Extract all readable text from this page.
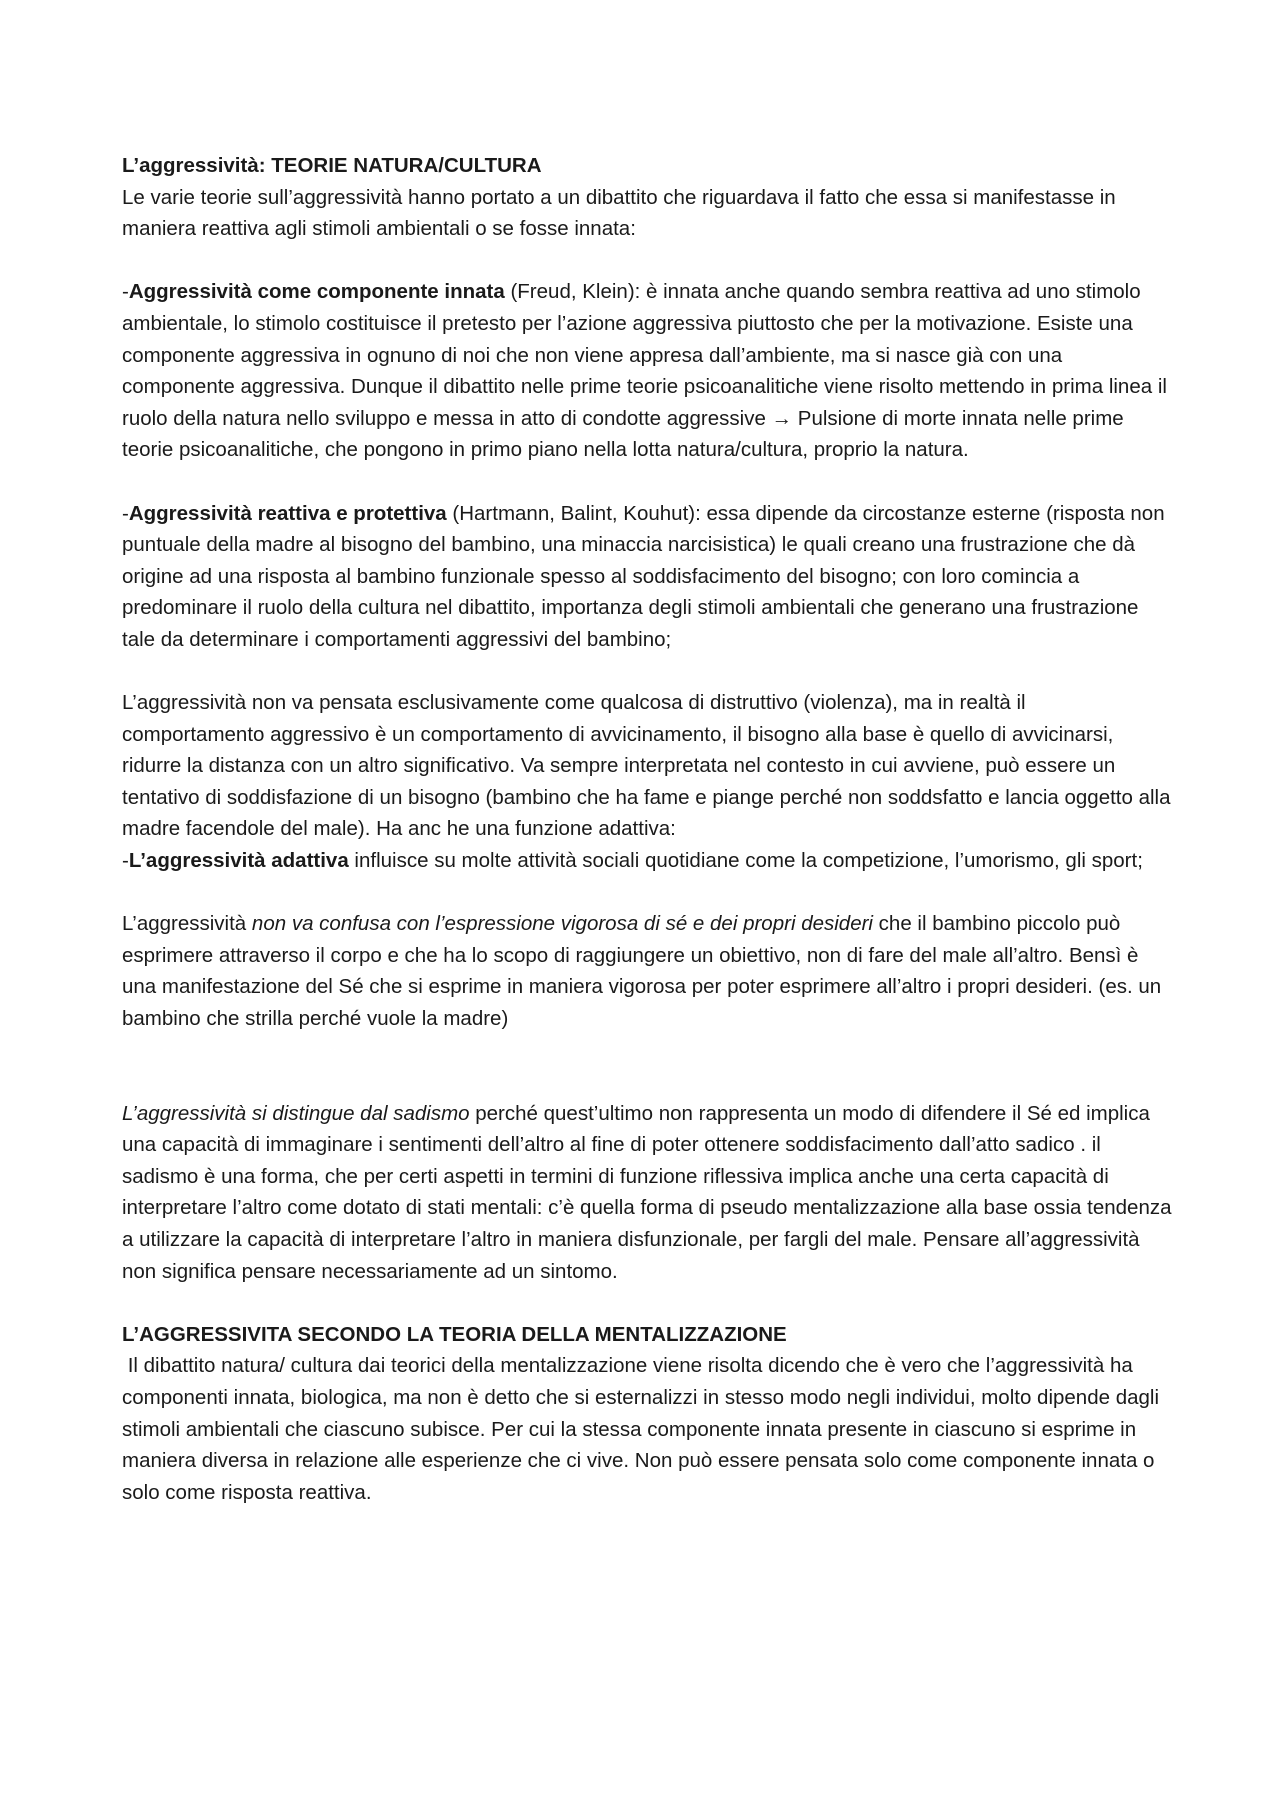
L’aggressività: TEORIE NATURA/CULTURA

Le varie teorie sull’aggressività hanno portato a un dibattito che riguardava il fatto che essa si manifestasse in maniera reattiva agli stimoli ambientali o se fosse innata:

-Aggressività come componente innata (Freud, Klein): è innata anche quando sembra reattiva ad uno stimolo ambientale, lo stimolo costituisce il pretesto per l’azione aggressiva piuttosto che per la motivazione. Esiste una componente aggressiva in ognuno di noi che non viene appresa dall’ambiente, ma si nasce già con una componente aggressiva. Dunque il dibattito nelle prime teorie psicoanalitiche viene risolto mettendo in prima linea il ruolo della natura nello sviluppo e messa in atto di condotte aggressive → Pulsione di morte innata nelle prime teorie psicoanalitiche, che pongono in primo piano nella lotta natura/cultura, proprio la natura.

-Aggressività reattiva e protettiva (Hartmann, Balint, Kouhut): essa dipende da circostanze esterne (risposta non puntuale della madre al bisogno del bambino, una minaccia narcisistica) le quali creano una frustrazione che dà origine ad una risposta al bambino funzionale spesso al soddisfacimento del bisogno; con loro comincia a predominare il ruolo della cultura nel dibattito, importanza degli stimoli ambientali che generano una frustrazione tale da determinare i comportamenti aggressivi del bambino;

L’aggressività non va pensata esclusivamente come qualcosa di distruttivo (violenza), ma in realtà il comportamento aggressivo è un comportamento di avvicinamento, il bisogno alla base è quello di avvicinarsi, ridurre la distanza con un altro significativo. Va sempre interpretata nel contesto in cui avviene, può essere un tentativo di soddisfazione di un bisogno (bambino che ha fame e piange perché non soddsfatto e lancia oggetto alla madre facendole del male). Ha anc he una funzione adattiva:

-L’aggressività adattiva influisce su molte attività sociali quotidiane come la competizione, l’umorismo, gli sport;

L’aggressività non va confusa con l’espressione vigorosa di sé e dei propri desideri che il bambino piccolo può esprimere attraverso il corpo e che ha lo scopo di raggiungere un obiettivo, non di fare del male all’altro. Bensì è una manifestazione del Sé che si esprime in maniera vigorosa per poter esprimere all’altro i propri desideri. (es. un bambino che strilla perché vuole la madre)

L’aggressività si distingue dal sadismo perché quest’ultimo non rappresenta un modo di difendere il Sé ed implica una capacità di immaginare i sentimenti dell’altro al fine di poter ottenere soddisfacimento dall’atto sadico . il sadismo è una forma, che per certi aspetti in termini di funzione riflessiva implica anche una certa capacità di interpretare l’altro come dotato di stati mentali: c’è quella forma di pseudo mentalizzazione alla base ossia tendenza a utilizzare la capacità di interpretare l’altro in maniera disfunzionale, per fargli del male. Pensare all’aggressività non significa pensare necessariamente ad un sintomo.

L’AGGRESSIVITA SECONDO LA TEORIA DELLA MENTALIZZAZIONE

Il dibattito natura/ cultura dai teorici della mentalizzazione viene risolta dicendo che è vero che l’aggressività ha componenti innata, biologica, ma non è detto che si esternalizzi in stesso modo negli individui, molto dipende dagli stimoli ambientali che ciascuno subisce. Per cui la stessa componente innata presente in ciascuno si esprime in maniera diversa in relazione alle esperienze che ci vive. Non può essere pensata solo come componente innata o solo come risposta reattiva.
